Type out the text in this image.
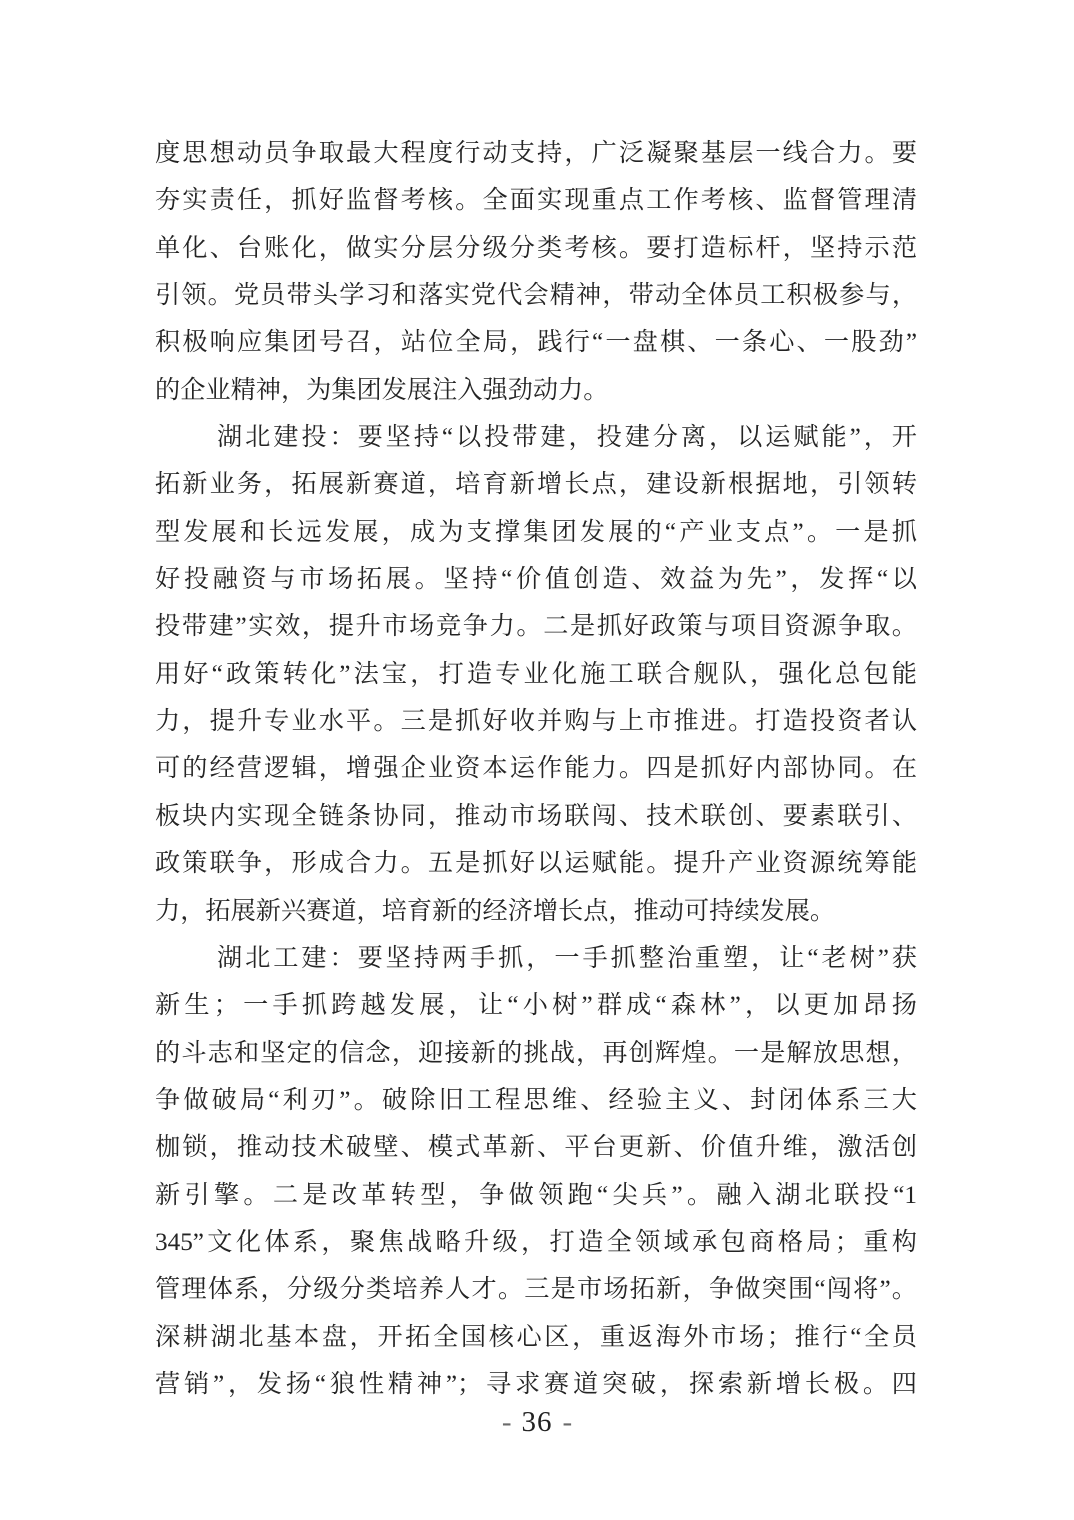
度思想动员争取最大程度行动支持，广泛凝聚基层一线合力。要
夯实责任，抓好监督考核。全面实现重点工作考核、监督管理清
单化、台账化，做实分层分级分类考核。要打造标杆，坚持示范
引领。党员带头学习和落实党代会精神，带动全体员工积极参与，
积极响应集团号召，站位全局，践行“一盘棋、一条心、一股劲”
的企业精神，为集团发展注入强劲动力。
湖北建投：要坚持“以投带建，投建分离，以运赋能”，开
拓新业务，拓展新赛道，培育新增长点，建设新根据地，引领转
型发展和长远发展，成为支撑集团发展的“产业支点”。一是抓
好投融资与市场拓展。坚持“价值创造、效益为先”，发挥“以
投带建”实效，提升市场竞争力。二是抓好政策与项目资源争取。
用好“政策转化”法宝，打造专业化施工联合舰队，强化总包能
力，提升专业水平。三是抓好收并购与上市推进。打造投资者认
可的经营逻辑，增强企业资本运作能力。四是抓好内部协同。在
板块内实现全链条协同，推动市场联闯、技术联创、要素联引、
政策联争，形成合力。五是抓好以运赋能。提升产业资源统筹能
力，拓展新兴赛道，培育新的经济增长点，推动可持续发展。
湖北工建：要坚持两手抓，一手抓整治重塑，让“老树”获
新生；一手抓跨越发展，让“小树”群成“森林”，以更加昂扬
的斗志和坚定的信念，迎接新的挑战，再创辉煌。一是解放思想，
争做破局“利刃”。破除旧工程思维、经验主义、封闭体系三大
枷锁，推动技术破壁、模式革新、平台更新、价值升维，激活创
新引擎。二是改革转型，争做领跑“尖兵”。融入湖北联投“1
345”文化体系，聚焦战略升级，打造全领域承包商格局；重构
管理体系，分级分类培养人才。三是市场拓新，争做突围“闯将”。
深耕湖北基本盘，开拓全国核心区，重返海外市场；推行“全员
营销”，发扬“狼性精神”；寻求赛道突破，探索新增长极。四
- 36 -
